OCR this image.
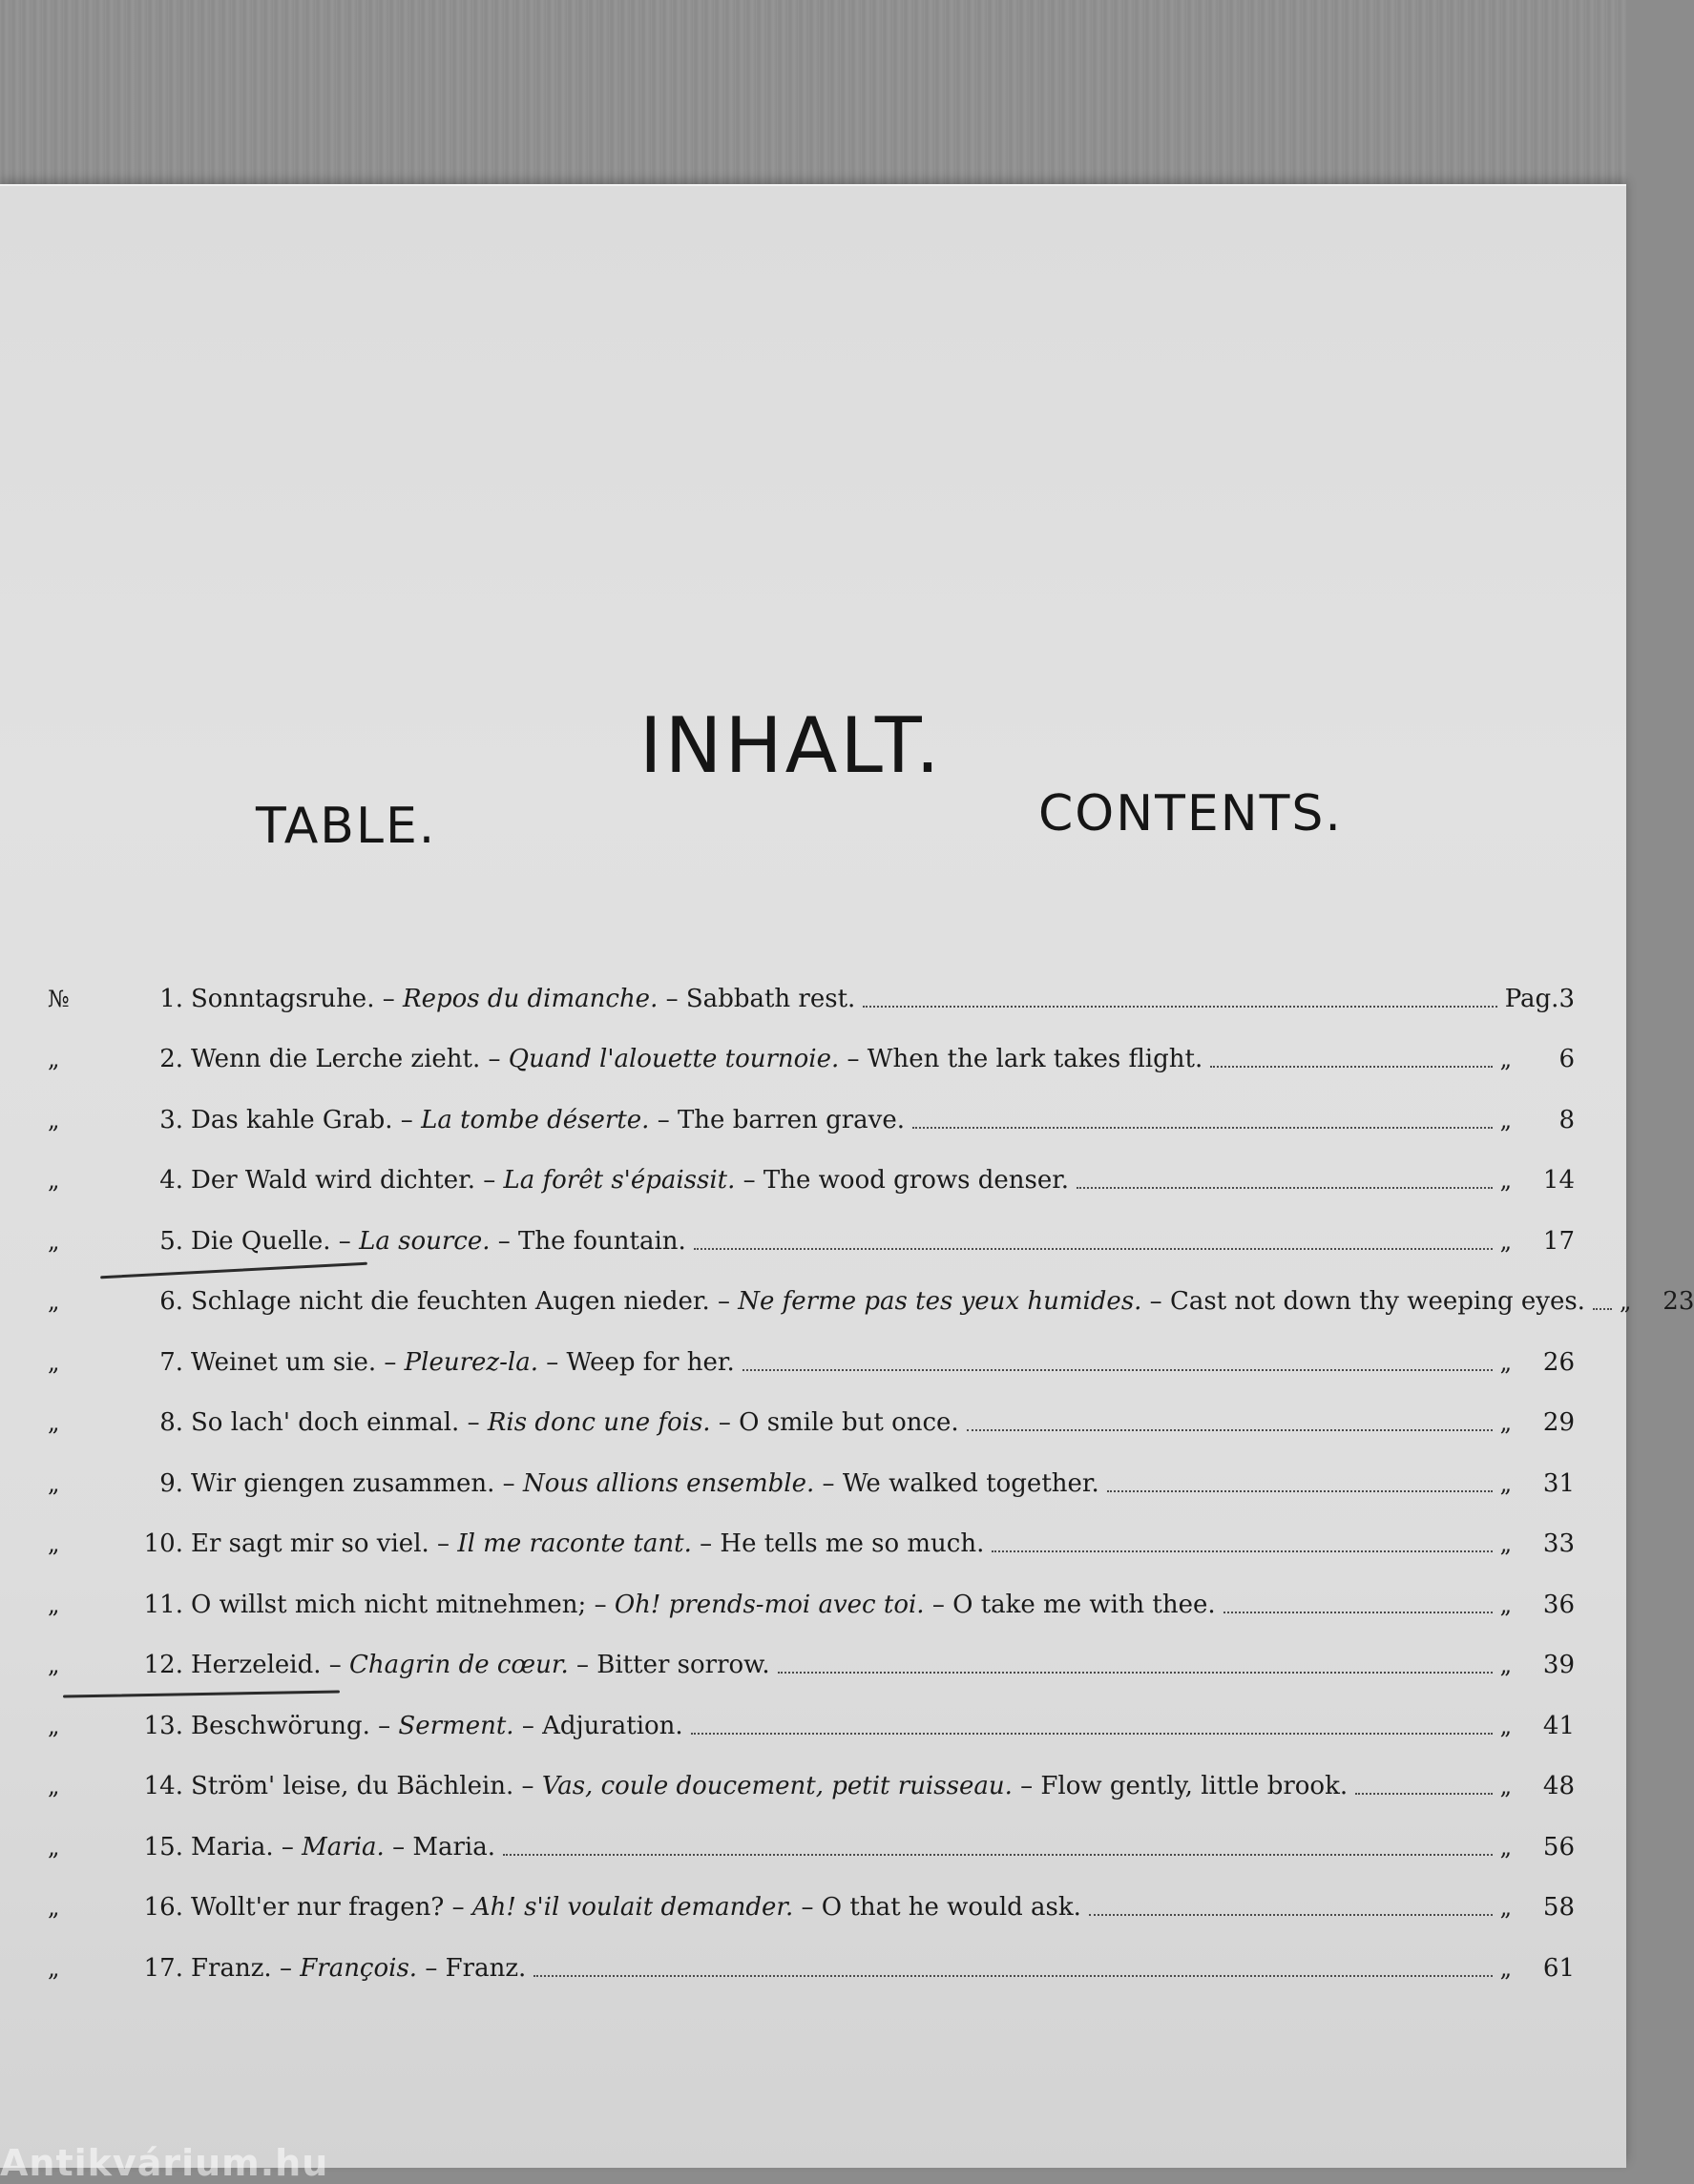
INHALT.
TABLE.	CONTENTS.
№	1. Sonntagsruhe. – Repos du dimanche. – Sabbath rest.	Pag.3
„	2. Wenn die Lerche zieht. – Quand l'alouette tournoie. – When the lark takes flight.	„	6
„	3. Das kahle Grab. – La tombe déserte. – The barren grave.	„	8
„	4. Der Wald wird dichter. – La forêt s'épaissit. – The wood grows denser.	„	14
„	5. Die Quelle. – La source. – The fountain.	„	17
„	6. Schlage nicht die feuchten Augen nieder. – Ne ferme pas tes yeux humides. – Cast not down thy weeping eyes. „	23
„	7. Weinet um sie. – Pleurez-la. – Weep for her.	„	26
„	8. So lach' doch einmal. – Ris donc une fois. – O smile but once.	„	29
„	9. Wir giengen zusammen. – Nous allions ensemble. – We walked together.	„	31
„	10. Er sagt mir so viel. – Il me raconte tant. – He tells me so much.	„	33
„	11. O willst mich nicht mitnehmen; – Oh! prends-moi avec toi. – O take me with thee.	„	36
„	12. Herzeleid. – Chagrin de cœur. – Bitter sorrow.	„	39
„	13. Beschwörung. – Serment. – Adjuration.	„	41
„	14. Ström' leise, du Bächlein. – Vas, coule doucement, petit ruisseau. – Flow gently, little brook.	„	48
„	15. Maria. – Maria. – Maria.	„	56
„	16. Wollt'er nur fragen? – Ah! s'il voulait demander. – O that he would ask.	„	58
„	17. Franz. – François. – Franz.	„	61
Antikvárium.hu
